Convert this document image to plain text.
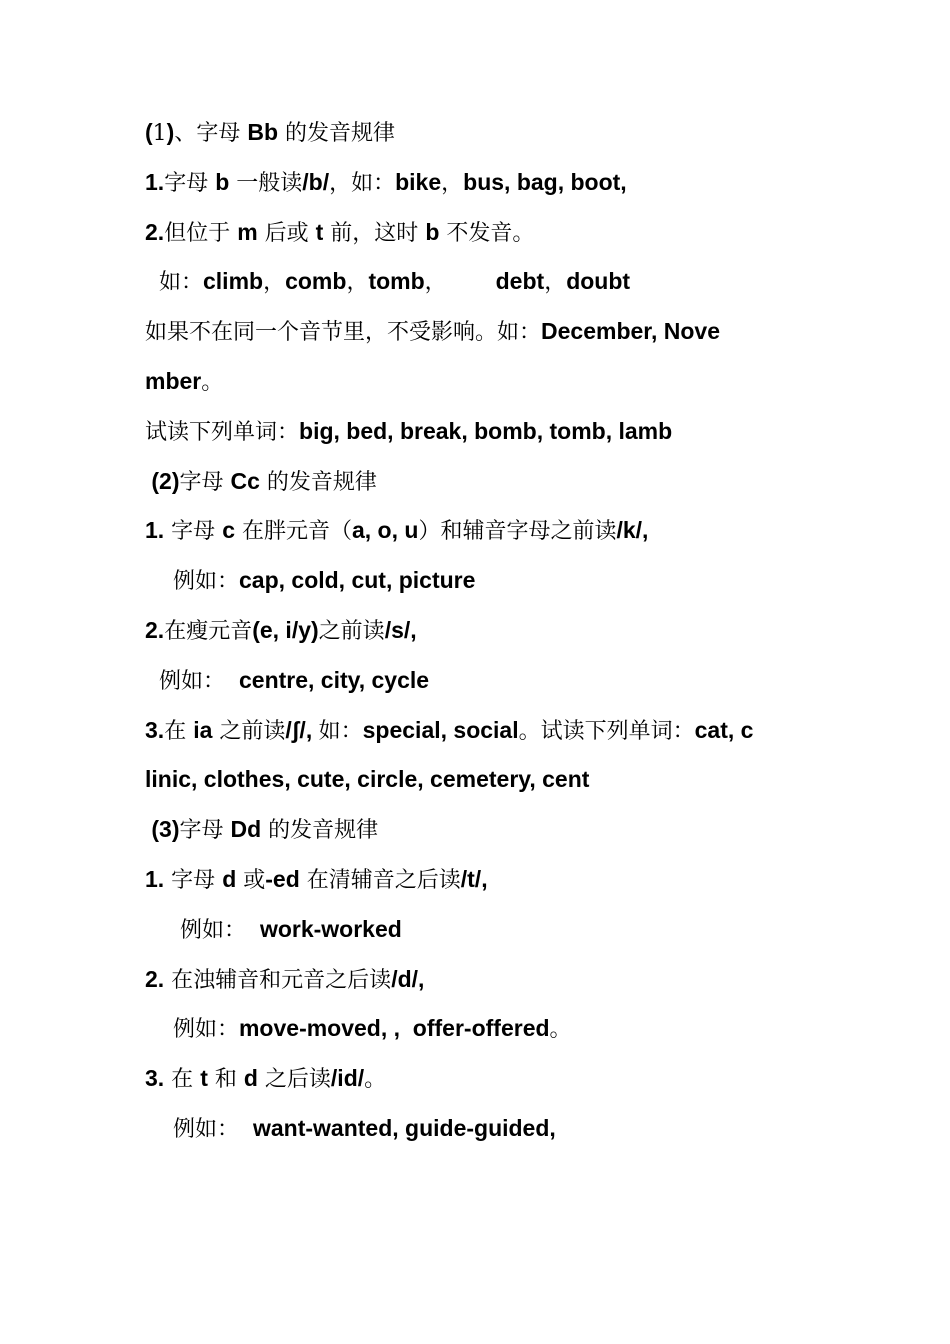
(1)、字母 Bb 的发音规律
1.字母 b 一般读/b/，如：bike，bus, bag, boot,
2.但位于 m 后或 t 前，这时 b 不发音。
如：climb，comb，tomb，       debt，doubt
如果不在同一个音节里，不受影响。如：December, Nove
mber。
试读下列单词：big, bed, break, bomb, tomb, lamb
(2)字母 Cc 的发音规律
1. 字母 c 在胖元音（a, o, u）和辅音字母之前读/k/,
例如：cap, cold, cut, picture
2.在瘦元音(e, i/y)之前读/s/,
例如：  centre, city, cycle
3.在 ia 之前读/ʃ/, 如：special, social。试读下列单词：cat, c
linic, clothes, cute, circle, cemetery, cent
(3)字母 Dd 的发音规律
1. 字母 d 或-ed 在清辅音之后读/t/,
例如：  work-worked
2. 在浊辅音和元音之后读/d/,
例如：move-moved, ,  offer-offered。
3. 在 t 和 d 之后读/id/。
例如：  want-wanted, guide-guided,
